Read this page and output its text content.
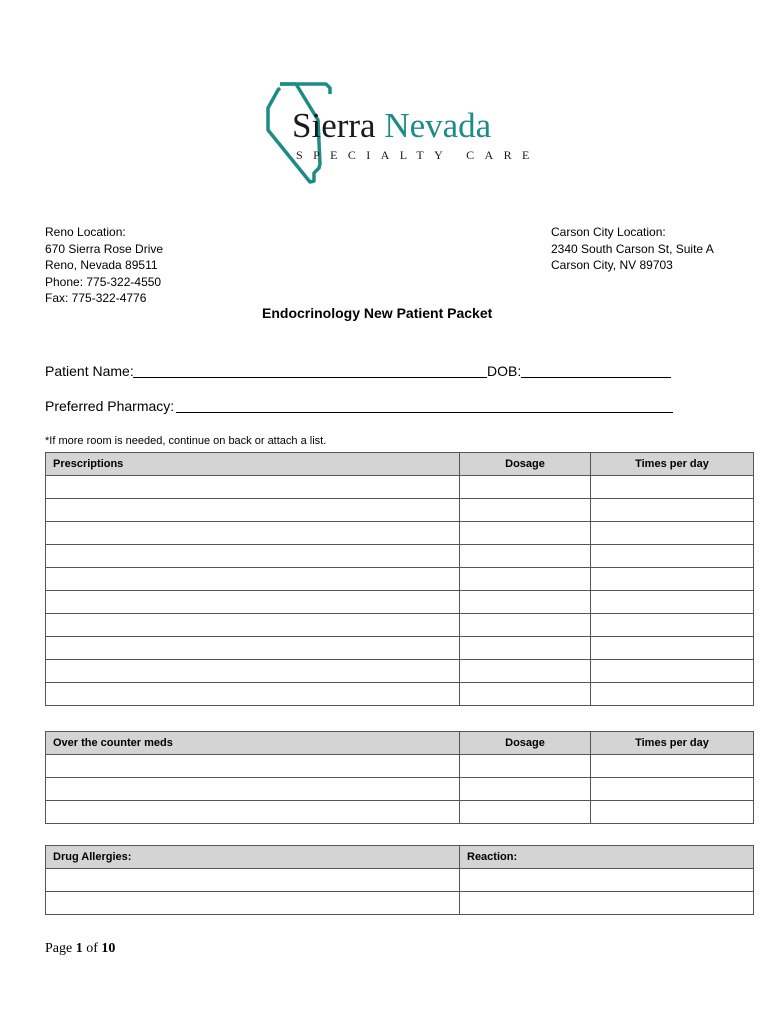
Sierra Nevada
SPECIALTY CARE
Reno Location:
670 Sierra Rose Drive
Reno, Nevada 89511
Phone: 775-322-4550
Fax: 775-322-4776
Carson City Location:
2340 South Carson St, Suite A
Carson City, NV 89703
Endocrinology New Patient Packet
Patient Name:	DOB:
Preferred Pharmacy:
*If more room is needed, continue on back or attach a list.
Prescriptions	Dosage	Times per day

Over the counter meds	Dosage	Times per day

Drug Allergies:	Reaction:

Page 1 of 10
